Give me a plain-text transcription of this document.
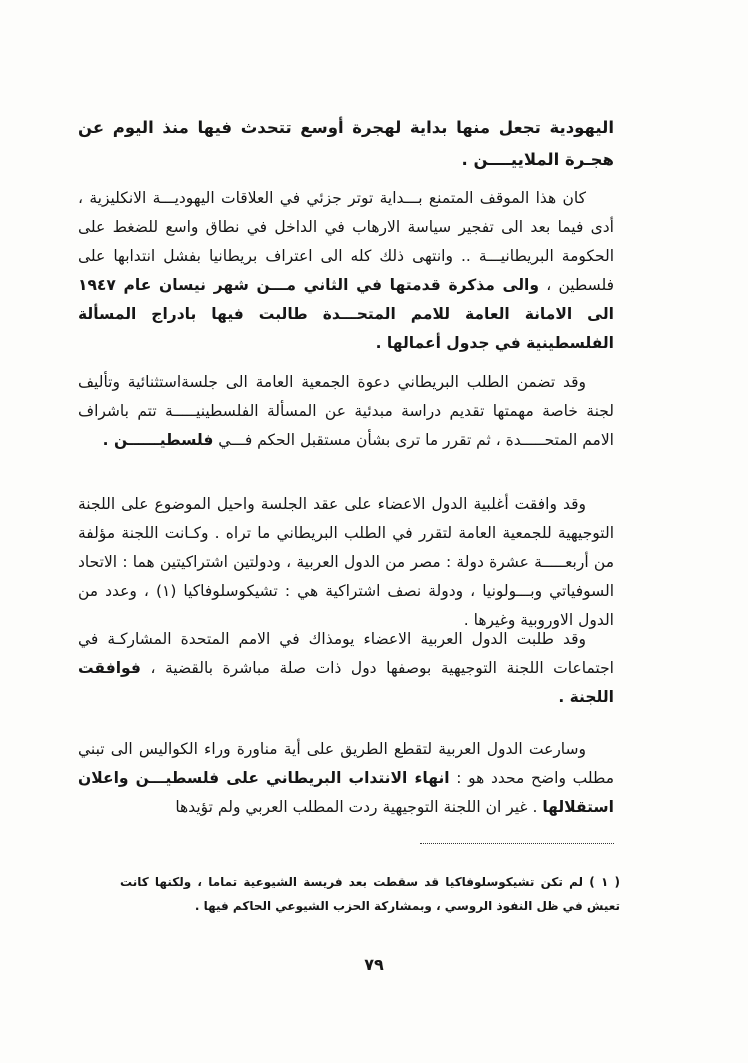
اليهودية تجعل منها بداية لهجرة أوسع تتحدث فيها منذ اليوم عن هجـرة الملاييــــن .
كان هذا الموقف المتمنع بـــداية توتر جزئي في العلاقات اليهوديـــة الانكليزية ، أدى فيما بعد الى تفجير سياسة الارهاب في الداخل في نطاق واسع للضغط على الحكومة البريطانيـــة .. وانتهى ذلك كله الى اعتراف بريطانيا بفشل انتدابها على فلسطين ، والى مذكرة قدمتها في الثاني مـــن شهر نيسان عام ١٩٤٧ الى الامانة العامة للامم المتحـــدة طالبت فيها بادراج المسألة الفلسطينية في جدول أعمالها .
وقد تضمن الطلب البريطاني دعوة الجمعية العامة الى جلسةاستثنائية وتأليف لجنة خاصة مهمتها تقديم دراسة مبدئية عن المسألة الفلسطينيـــــة تتم باشراف الامم المتحـــــدة ، ثم تقرر ما ترى بشأن مستقبل الحكم فـــي فلسطيــــــن .
وقد وافقت أغلبية الدول الاعضاء على عقد الجلسة واحيل الموضوع على اللجنة التوجيهية للجمعية العامة لتقرر في الطلب البريطاني ما تراه . وكـانت اللجنة مؤلفة من أربعـــــة عشرة دولة : مصر من الدول العربية ، ودولتين اشتراكيتين هما : الاتحاد السوفياتي وبـــولونيا ، ودولة نصف اشتراكية هي : تشيكوسلوفاكيا (١) ، وعدد من الدول الاوروبية وغيرها .
وقد طلبت الدول العربية الاعضاء يومذاك في الامم المتحدة المشاركـة في اجتماعات اللجنة التوجيهية بوصفها دول ذات صلة مباشرة بالقضية ، فوافقت اللجنة .
وسارعت الدول العربية لتقطع الطريق على أية مناورة وراء الكواليس الى تبني مطلب واضح محدد هو : انهاء الانتداب البريطاني على فلسطيـــن واعلان استقلالها . غير ان اللجنة التوجيهية ردت المطلب العربي ولم تؤيدها
( ١ ) لم تكن تشيكوسلوفاكيا قد سقطت بعد فريسة الشيوعية تماما ، ولكنها كانت تعيش في ظل النفوذ الروسي ، وبمشاركة الحزب الشيوعي الحاكم فيها .
٧٩
